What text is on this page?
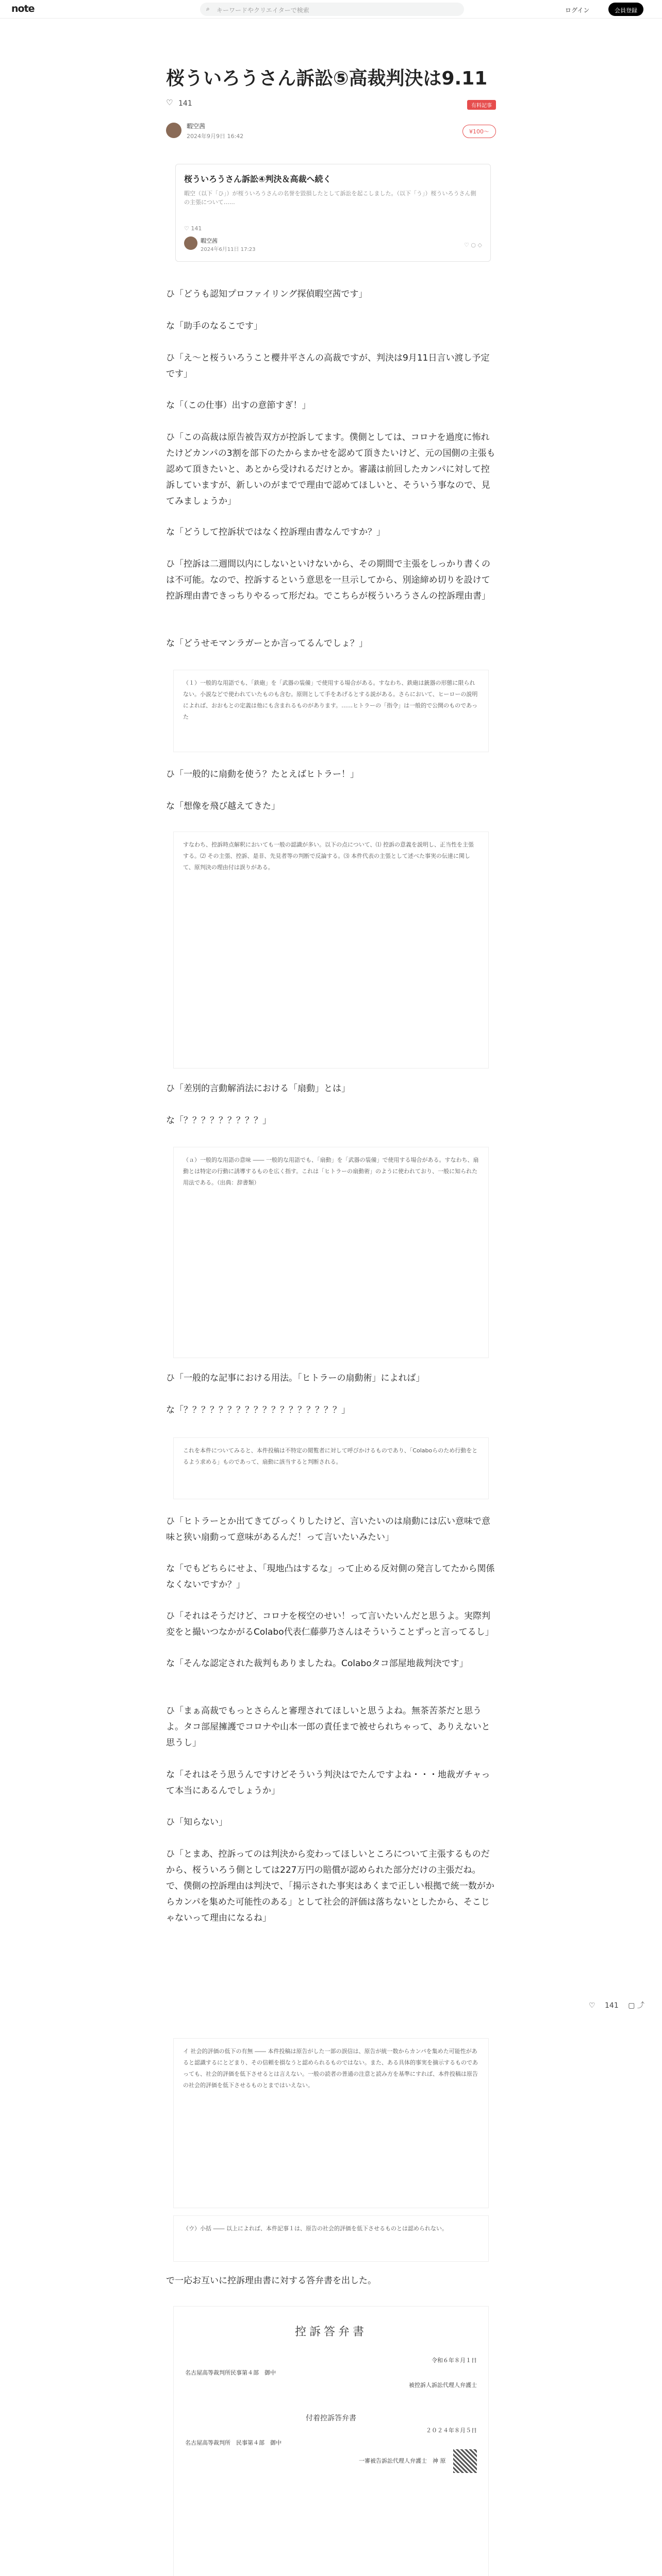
note	⌕ キーワードやクリエイターで検索	ログイン	会員登録
桜ういろうさん訴訟⑤高裁判決は9.11
♡ 141	有料記事
暇空茜
2024年9月9日 16:42
¥100〜
桜ういろうさん訴訟④判決＆高裁へ続く
暇空（以下「ひ」）が桜ういろうさんの名誉を毀損したとして訴訟を起こしました。（以下「う」）桜ういろうさん側の主張について……
♡ 141
暇空茜
2024年6月11日 17:23
♡ ○ ◇

ひ「どうも認知プロファイリング探偵暇空茜です」

な「助手のなるこです」

ひ「え～と桜ういろうこと櫻井平さんの高裁ですが、判決は9月11日言い渡し予定です」

な「（この仕事）出すの意節すぎ！」

ひ「この高裁は原告被告双方が控訴してます。僕側としては、コロナを過度に怖れたけどカンパの3割を部下のたからまかせを認めて頂きたいけど、元の国側の主張も認めて頂きたいと、あとから受けれるだけとか。審議は前回したカンパに対して控訴していますが、新しいのがまでで理由で認めてほしいと、そういう事なので、見てみましょうか」

な「どうして控訴状ではなく控訴理由書なんですか？」

ひ「控訴は二週間以内にしないといけないから、その期間で主張をしっかり書くのは不可能。なので、控訴するという意思を一旦示してから、別途締め切りを設けて控訴理由書できっちりやるって形だね。でこちらが桜ういろうさんの控訴理由書」

な「どうせモマンラガーとか言ってるんでしょ？」

（１）一般的な用語でも、「鉄砲」を「武器の装備」で使用する場合がある。すなわち、鉄砲は銃器の形態に限られない。小説などで使われていたものも含む。原則として手をあげるとする説がある。さらにおいて、ヒーローの説明によれば、おおもとの定義は他にも含まれるものがあります。……ヒトラーの「指令」は一般的で公開のものであった

ひ「一般的に扇動を使う？たとえばヒトラー！」

な「想像を飛び越えてきた」

すなわち、控訴時点解釈においても一般の認識が多い。以下の点について、⑴ 控訴の意義を説明し、正当性を主張する。⑵ その主張、控訴、是非、先見者等の判断で反論する。⑶ 本件代表の主張として述べた事実の伝達に関して、原判決の理由付は誤りがある。

ひ「差別的言動解消法における「扇動」とは」

な「？？？？？？？？？」

（ａ）一般的な用語の意味 ―― 一般的な用語でも、「扇動」を「武器の装備」で使用する場合がある。すなわち、扇動とは特定の行動に誘導するものを広く指す。これは「ヒトラーの扇動術」のように使われており、一般に知られた用法である。（出典：辞書類）

ひ「一般的な記事における用法。「ヒトラーの扇動術」によれば」

な「？？？？？？？？？？？？？？？？？？」

これを本件についてみると、本件投稿は不特定の閲覧者に対して呼びかけるものであり、「Colaboらのため行動をとるよう求める」ものであって、扇動に該当すると判断される。

ひ「ヒトラーとか出てきてびっくりしたけど、言いたいのは扇動には広い意味で意味と狭い扇動って意味があるんだ！って言いたいみたい」

な「でもどちらにせよ、「現地凸はするな」って止める反対側の発言してたから関係なくないですか？」

ひ「それはそうだけど、コロナを桜空のせい！って言いたいんだと思うよ。実際判変をと撮いつなかがるColabo代表仁藤夢乃さんはそういうことずっと言ってるし」

な「そんな認定された裁判もありましたね。Colaboタコ部屋地裁判決です」

ひ「まぁ高裁でもっとさらんと審理されてほしいと思うよね。無茶苦茶だと思うよ。タコ部屋擁護でコロナや山本一郎の責任まで被せられちゃって、ありえないと思うし」

な「それはそう思うんですけどそういう判決はでたんですよね・・・地裁ガチャって本当にあるんでしょうか」

ひ「知らない」

ひ「とまあ、控訴ってのは判決から変わってほしいところについて主張するものだから、桜ういろう側としては227万円の賠償が認められた部分だけの主張だね。で、僕側の控訴理由は判決で、「揚示された事実はあくまで正しい根拠で統一数がからカンパを集めた可能性のある」として社会的評価は落ちないとしたから、そこじゃないって理由になるね」

♡ 141 ▢ ⤴
イ 社会的評価の低下の有無 ―― 本件投稿は原告がした一部の誤信は、原告が統一数からカンパを集めた可能性があると認識するにとどまり、その信頼を損なうと認められるものではない。また、ある具体的事実を摘示するものであっても、社会的評価を低下させるとは言えない。一般の読者の普通の注意と読み方を基準にすれば、本件投稿は原告の社会的評価を低下させるものとまではいえない。
（ウ）小括 ―― 以上によれば、本件記事１は、原告の社会的評価を低下させるものとは認められない。

で一応お互いに控訴理由書に対する答弁書を出した。

控訴答弁書
令和６年８月１日
名古屋高等裁判所民事第４部　御中
被控訴人訴訟代理人弁護士
付着控訴答弁書
２０２４年８月５日
名古屋高等裁判所　民事第４部　御中
一審被告訴訟代理人弁護士　神 原　
